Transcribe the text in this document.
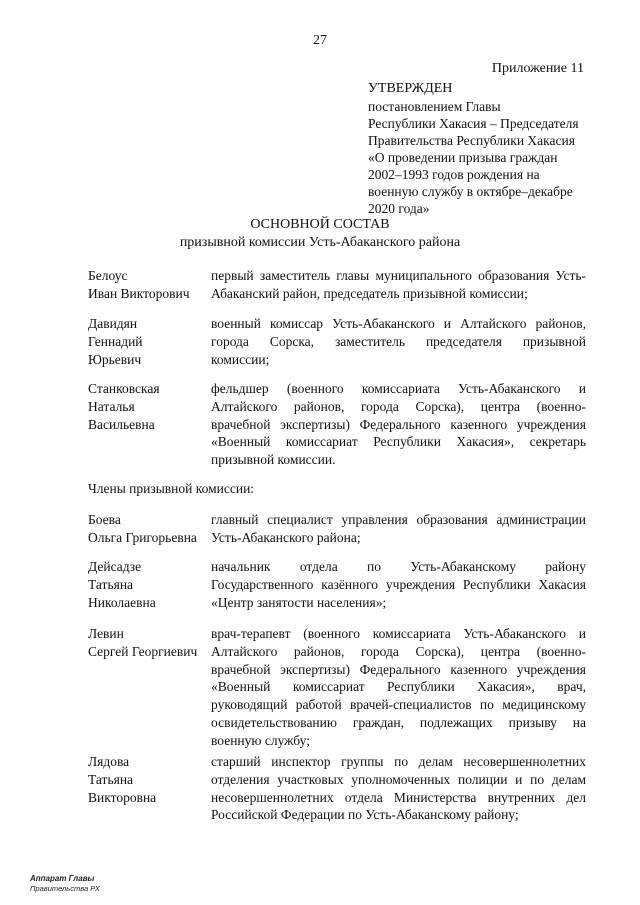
27
Приложение 11
УТВЕРЖДЕН
постановлением Главы
Республики Хакасия – Председателя
Правительства Республики Хакасия
«О проведении призыва граждан
2002–1993 годов рождения на
военную службу в октябре–декабре
2020 года»
ОСНОВНОЙ СОСТАВ
призывной комиссии Усть-Абаканского района
Белоус
Иван Викторович
первый заместитель главы муниципального образования Усть-
Абаканский район, председатель призывной комиссии;
Давидян
Геннадий
Юрьевич
военный комиссар Усть-Абаканского и Алтайского районов,
города Сорска, заместитель председателя призывной
комиссии;
Станковская
Наталья
Васильевна
фельдшер (военного комиссариата Усть-Абаканского и
Алтайского районов, города Сорска), центра (военно-
врачебной экспертизы) Федерального казенного учреждения
«Военный комиссариат Республики Хакасия», секретарь
призывной комиссии.
Члены призывной комиссии:
Боева
Ольга Григорьевна
главный специалист управления образования администрации
Усть-Абаканского района;
Дейсадзе
Татьяна
Николаевна
начальник отдела по Усть-Абаканскому району
Государственного казённого учреждения Республики Хакасия
«Центр занятости населения»;
Левин
Сергей Георгиевич
врач-терапевт (военного комиссариата Усть-Абаканского и
Алтайского районов, города Сорска), центра (военно-
врачебной экспертизы) Федерального казенного учреждения
«Военный комиссариат Республики Хакасия», врач,
руководящий работой врачей-специалистов по медицинскому
освидетельствованию граждан, подлежащих призыву на
военную службу;
Лядова
Татьяна
Викторовна
старший инспектор группы по делам несовершеннолетних
отделения участковых уполномоченных полиции и по делам
несовершеннолетних отдела Министерства внутренних дел
Российской Федерации по Усть-Абаканскому району;
Аппарат Главы
Правительства РХ
